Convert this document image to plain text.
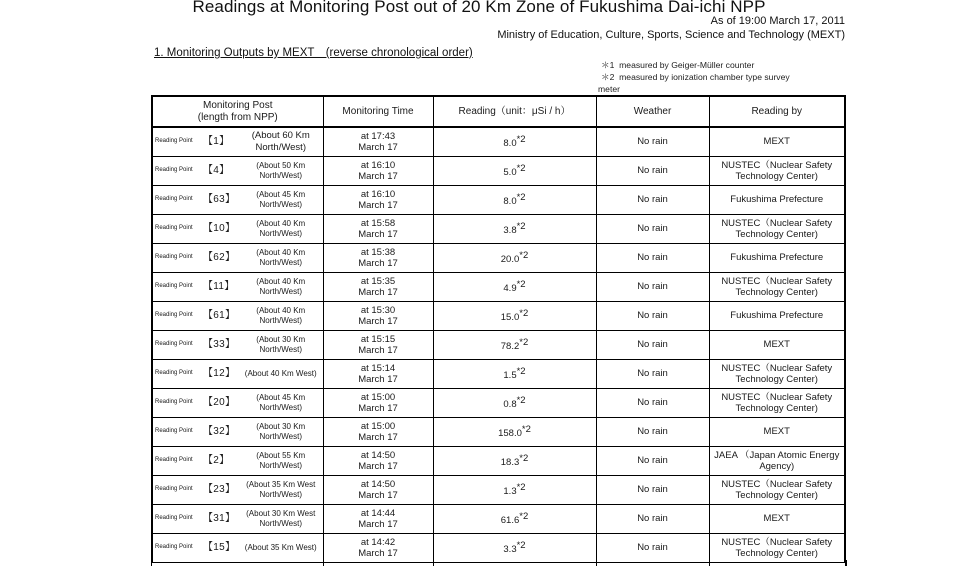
Readings at Monitoring Post out of 20 Km Zone of Fukushima Dai-ichi NPP
As of 19:00 March 17, 2011
Ministry of Education, Culture, Sports, Science and Technology (MEXT)
1. Monitoring Outputs by MEXT　(reverse chronological order)
＊1  measured by Geiger-Müller counter
＊2  measured by ionization chamber type survey
meter
Monitoring Post
(length from NPP)	Monitoring Time	Reading（unit：μSi / h）	Weather	Reading by

Reading Point 【1】
(About 60 Km
North/West)	at 17:43
March 17	8.0$^{*2}$	No rain	MEXT

Reading Point 【4】 (About 50 Km
North/West)	at 16:10
March 17	5.0$^{*2}$	No rain	NUSTEC（Nuclear Safety
Technology Center)

Reading Point 【63】 (About 45 Km
North/West)	at 16:10
March 17	8.0$^{*2}$	No rain	Fukushima Prefecture

Reading Point 【10】 (About 40 Km
North/West)	at 15:58
March 17	3.8$^{*2}$	No rain	NUSTEC（Nuclear Safety
Technology Center)

Reading Point 【62】 (About 40 Km
North/West)	at 15:38
March 17	20.0$^{*2}$	No rain	Fukushima Prefecture

Reading Point 【11】 (About 40 Km
North/West)	at 15:35
March 17	4.9$^{*2}$	No rain	NUSTEC（Nuclear Safety
Technology Center)

Reading Point 【61】 (About 40 Km
North/West)	at 15:30
March 17	15.0$^{*2}$	No rain	Fukushima Prefecture

Reading Point 【33】 (About 30 Km
North/West)	at 15:15
March 17	78.2$^{*2}$	No rain	MEXT

Reading Point 【12】 (About 40 Km West)	at 15:14
March 17	1.5$^{*2}$	No rain	NUSTEC（Nuclear Safety
Technology Center)

Reading Point 【20】 (About 45 Km
North/West)	at 15:00
March 17	0.8$^{*2}$	No rain	NUSTEC（Nuclear Safety
Technology Center)

Reading Point 【32】 (About 30 Km
North/West)	at 15:00
March 17	158.0$^{*2}$	No rain	MEXT

Reading Point 【2】 (About 55 Km
North/West)	at 14:50
March 17	18.3$^{*2}$	No rain	JAEA （Japan Atomic Energy
Agency)

Reading Point 【23】 (About 35 Km West
North/West)	at 14:50
March 17	1.3$^{*2}$	No rain	NUSTEC（Nuclear Safety
Technology Center)

Reading Point 【31】 (About 30 Km West
North/West)	at 14:44
March 17	61.6$^{*2}$	No rain	MEXT

Reading Point 【15】 (About 35 Km West)	at 14:42
March 17	3.3$^{*2}$	No rain	NUSTEC（Nuclear Safety
Technology Center)
